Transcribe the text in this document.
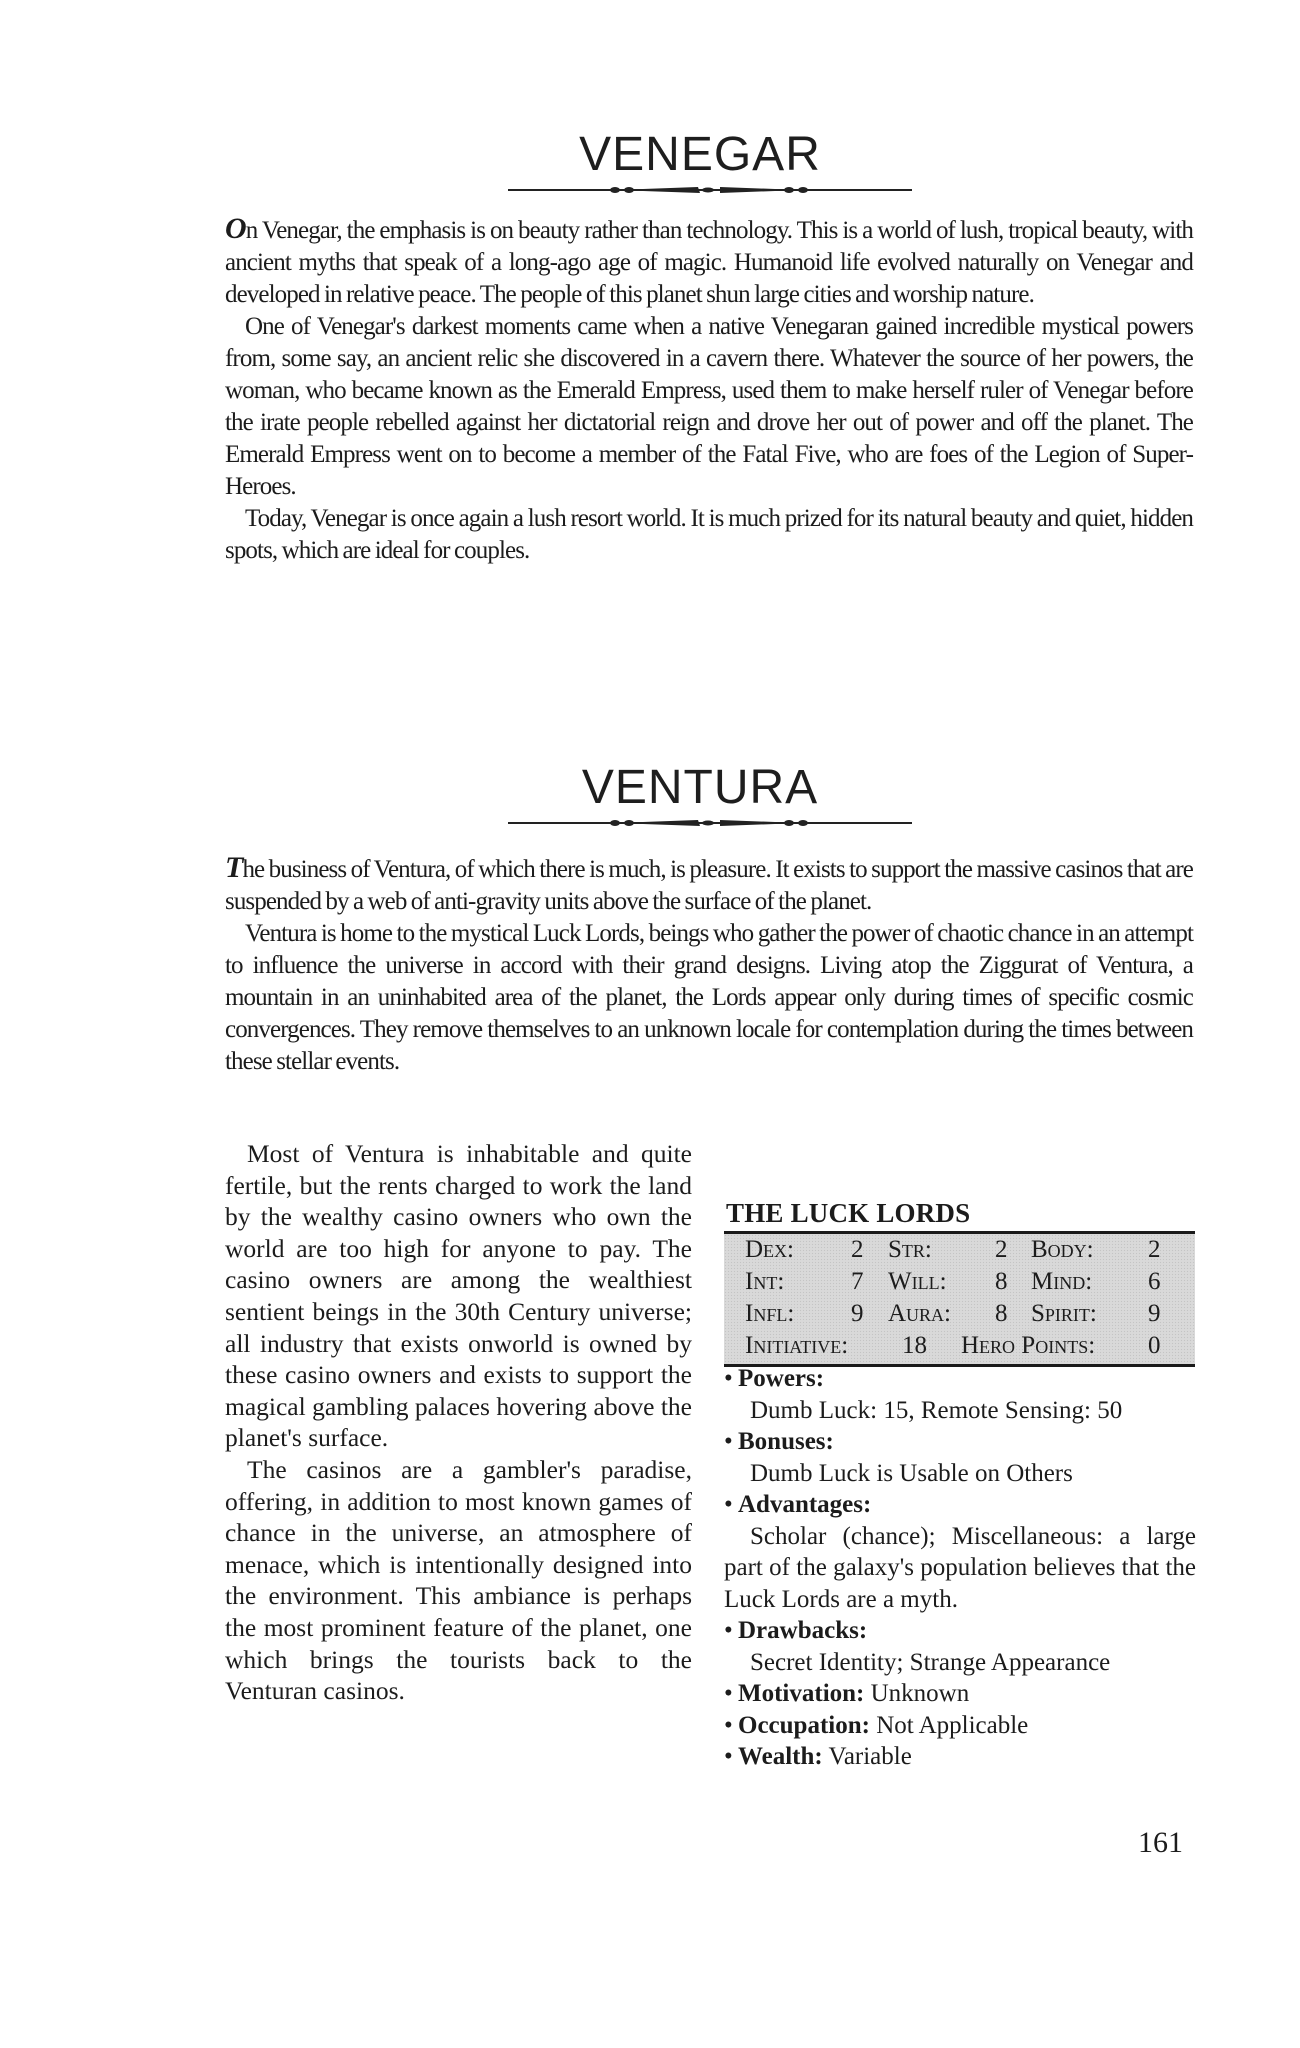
VENEGAR

On Venegar, the emphasis is on beauty rather than technology. This is a world of lush, tropical beauty, with ancient myths that speak of a long-ago age of magic. Humanoid life evolved naturally on Venegar and developed in relative peace. The people of this planet shun large cities and worship nature.

One of Venegar's darkest moments came when a native Venegaran gained incredible mystical powers from, some say, an ancient relic she discovered in a cavern there. Whatever the source of her powers, the woman, who became known as the Emerald Empress, used them to make herself ruler of Venegar before the irate people rebelled against her dictatorial reign and drove her out of power and off the planet. The Emerald Empress went on to become a member of the Fatal Five, who are foes of the Legion of Super-Heroes.

Today, Venegar is once again a lush resort world. It is much prized for its natural beauty and quiet, hidden spots, which are ideal for couples.

VENTURA

The business of Ventura, of which there is much, is pleasure. It exists to support the massive casinos that are suspended by a web of anti-gravity units above the surface of the planet.

Ventura is home to the mystical Luck Lords, beings who gather the power of chaotic chance in an attempt to influence the universe in accord with their grand designs. Living atop the Ziggurat of Ventura, a mountain in an uninhabited area of the planet, the Lords appear only during times of specific cosmic convergences. They remove themselves to an unknown locale for contemplation during the times between these stellar events.

Most of Ventura is inhabitable and quite fertile, but the rents charged to work the land by the wealthy casino owners who own the world are too high for anyone to pay. The casino owners are among the wealthiest sentient beings in the 30th Century universe; all industry that exists onworld is owned by these casino owners and exists to support the magical gambling palaces hovering above the planet's surface.

The casinos are a gambler's paradise, offering, in addition to most known games of chance in the universe, an atmosphere of menace, which is intentionally designed into the environment. This ambiance is perhaps the most prominent feature of the planet, one which brings the tourists back to the Venturan casinos.

THE LUCK LORDS
Dex: 2 Str:	2 Body: 2
Int:	7 Will: 8 Mind: 6
Infl: 9 Aura: 8 Spirit: 9
Initiative: 18 Hero Points: 0

• Powers:

Dumb Luck: 15, Remote Sensing: 50

• Bonuses:

Dumb Luck is Usable on Others

• Advantages:

Scholar (chance); Miscellaneous: a large part of the galaxy's population believes that the Luck Lords are a myth.

• Drawbacks:

Secret Identity; Strange Appearance

• Motivation: Unknown

• Occupation: Not Applicable

• Wealth: Variable

161
